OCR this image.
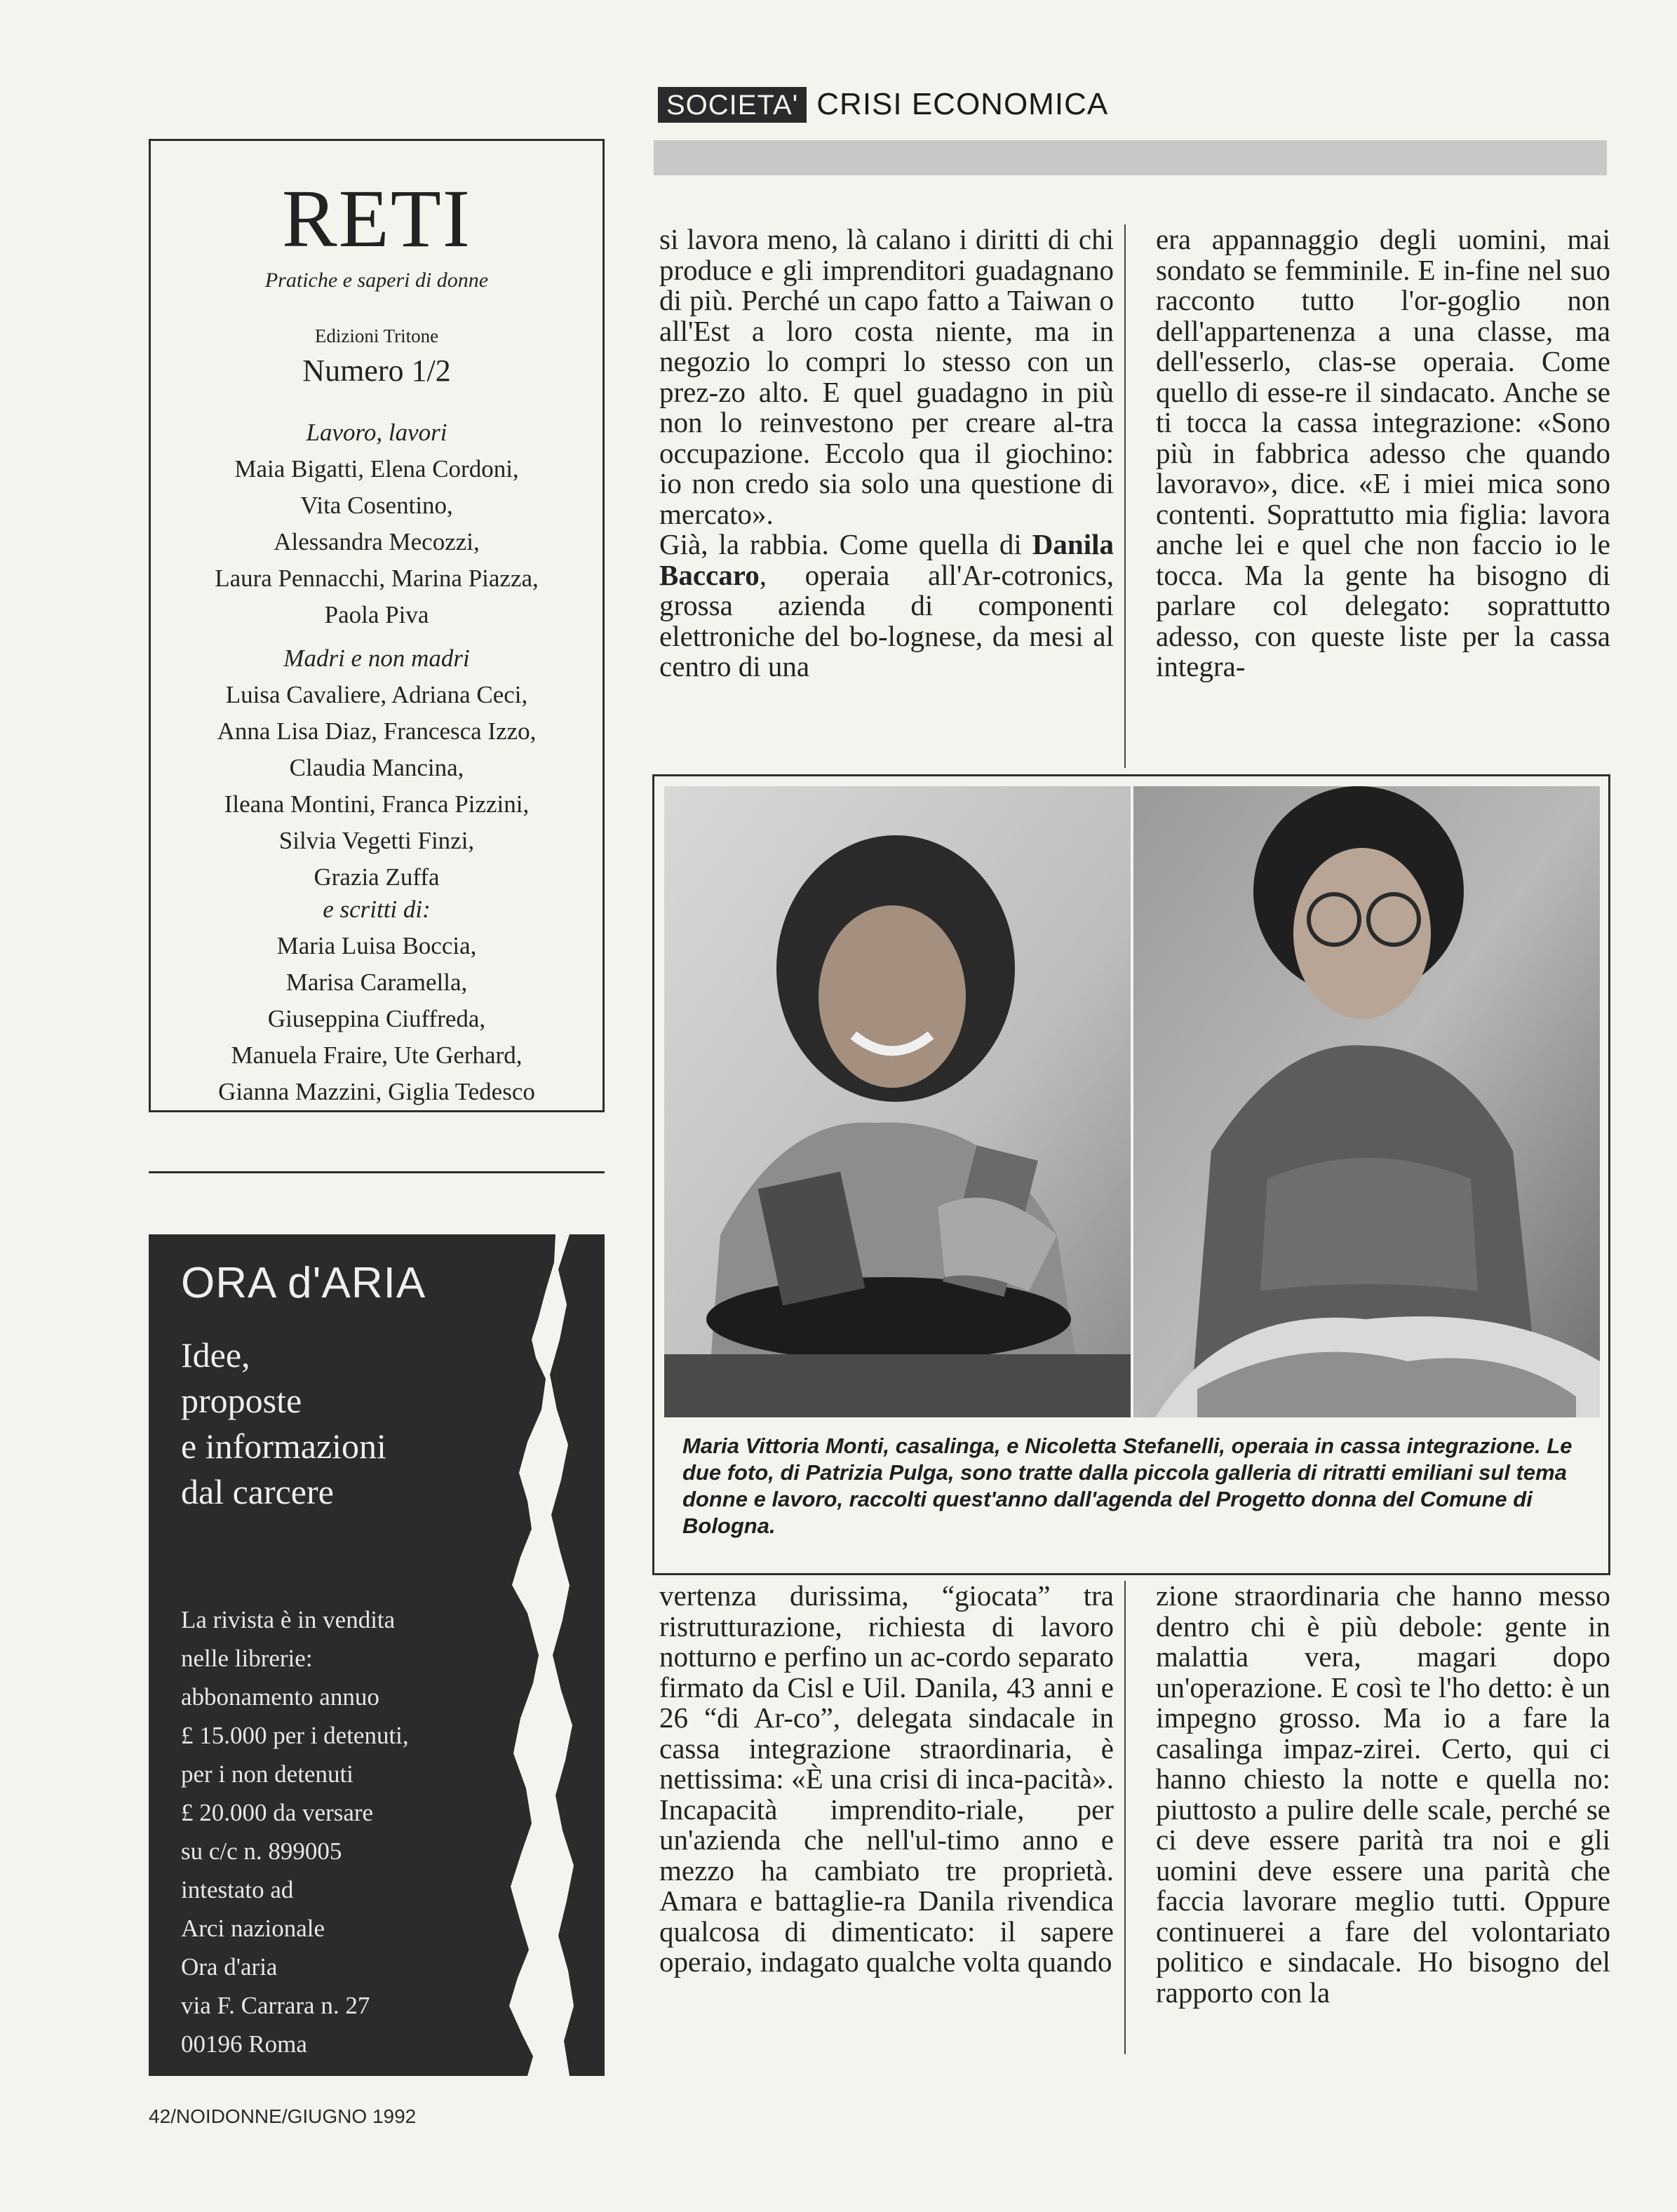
SOCIETA' CRISI ECONOMICA
RETI
Pratiche e saperi di donne
Edizioni Tritone
Numero 1/2
Lavoro, lavori
Maia Bigatti, Elena Cordoni,
Vita Cosentino,
Alessandra Mecozzi,
Laura Pennacchi, Marina Piazza,
Paola Piva
Madri e non madri
Luisa Cavaliere, Adriana Ceci,
Anna Lisa Diaz, Francesca Izzo,
Claudia Mancina,
Ileana Montini, Franca Pizzini,
Silvia Vegetti Finzi,
Grazia Zuffa
e scritti di:
Maria Luisa Boccia,
Marisa Caramella,
Giuseppina Ciuffreda,
Manuela Fraire, Ute Gerhard,
Gianna Mazzini, Giglia Tedesco
ORA d'ARIA
Idee,
proposte
e informazioni
dal carcere
La rivista è in vendita
nelle librerie:
abbonamento annuo
£ 15.000 per i detenuti,
per i non detenuti
£ 20.000 da versare
su c/c n. 899005
intestato ad
Arci nazionale
Ora d'aria
via F. Carrara n. 27
00196 Roma
42/NOIDONNE/GIUGNO 1992

si lavora meno, là calano i diritti di chi produce e gli imprenditori guadagnano di più. Perché un capo fatto a Taiwan o all'Est a loro costa niente, ma in negozio lo compri lo stesso con un prez-zo alto. E quel guadagno in più non lo reinvestono per creare al-tra occupazione. Eccolo qua il giochino: io non credo sia solo una questione di mercato».

Già, la rabbia. Come quella di Danila Baccaro, operaia all'Ar-cotronics, grossa azienda di componenti elettroniche del bo-lognese, da mesi al centro di una

era appannaggio degli uomini, mai sondato se femminile. E in-fine nel suo racconto tutto l'or-goglio non dell'appartenenza a una classe, ma dell'esserlo, clas-se operaia. Come quello di esse-re il sindacato. Anche se ti tocca la cassa integrazione: «Sono più in fabbrica adesso che quando lavoravo», dice. «E i miei mica sono contenti. Soprattutto mia figlia: lavora anche lei e quel che non faccio io le tocca. Ma la gente ha bisogno di parlare col delegato: soprattutto adesso, con queste liste per la cassa integra-

Maria Vittoria Monti, casalinga, e Nicoletta Stefanelli, operaia in cassa integrazione. Le due foto, di Patrizia Pulga, sono tratte dalla piccola galleria di ritratti emiliani sul tema donne e lavoro, raccolti quest'anno dall'agenda del Progetto donna del Comune di Bologna.

vertenza durissima, “giocata” tra ristrutturazione, richiesta di lavoro notturno e perfino un ac-cordo separato firmato da Cisl e Uil. Danila, 43 anni e 26 “di Ar-co”, delegata sindacale in cassa integrazione straordinaria, è nettissima: «È una crisi di inca-pacità». Incapacità imprendito-riale, per un'azienda che nell'ul-timo anno e mezzo ha cambiato tre proprietà. Amara e battaglie-ra Danila rivendica qualcosa di dimenticato: il sapere operaio, indagato qualche volta quando

zione straordinaria che hanno messo dentro chi è più debole: gente in malattia vera, magari dopo un'operazione. E così te l'ho detto: è un impegno grosso. Ma io a fare la casalinga impaz-zirei. Certo, qui ci hanno chiesto la notte e quella no: piuttosto a pulire delle scale, perché se ci deve essere parità tra noi e gli uomini deve essere una parità che faccia lavorare meglio tutti. Oppure continuerei a fare del volontariato politico e sindacale. Ho bisogno del rapporto con la
